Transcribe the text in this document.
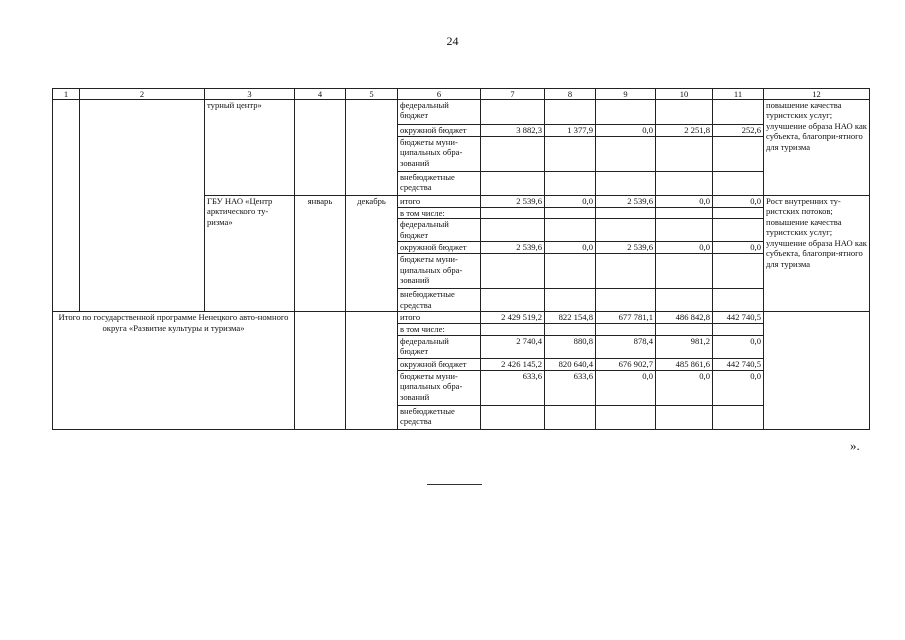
24
1	2	3	4	5	6	7	8	9	10	11	12
		турный центр»			федеральный бюджет						повышение качества туристских услуг; улучшение образа НАО как субъекта, благопри-ятного для туризма
					окружной бюджет	3 882,3	1 377,9	0,0	2 251,8	252,6	
					бюджеты муни-ципальных обра-зований						
					внебюджетные средства						
		ГБУ НАО «Центр арктического ту-ризма»	январь	декабрь	итого	2 539,6	0,0	2 539,6	0,0	0,0	Рост внутренних ту-ристских потоков; повышение качества туристских услуг; улучшение образа НАО как субъекта, благопри-ятного для туризма
					в том числе:						
					федеральный бюджет						
					окружной бюджет	2 539,6	0,0	2 539,6	0,0	0,0	
					бюджеты муни-ципальных обра-зований						
					внебюджетные средства						
Итого по государственной программе Ненецкого авто-номного округа «Развитие культуры и туризма»					итого	2 429 519,2	822 154,8	677 781,1	486 842,8	442 740,5	
					в том числе:						
					федеральный бюджет	2 740,4	880,8	878,4	981,2	0,0	
					окружной бюджет	2 426 145,2	820 640,4	676 902,7	485 861,6	442 740,5	
					бюджеты муни-ципальных обра-зований	633,6	633,6	0,0	0,0	0,0	
					внебюджетные средства						
».
